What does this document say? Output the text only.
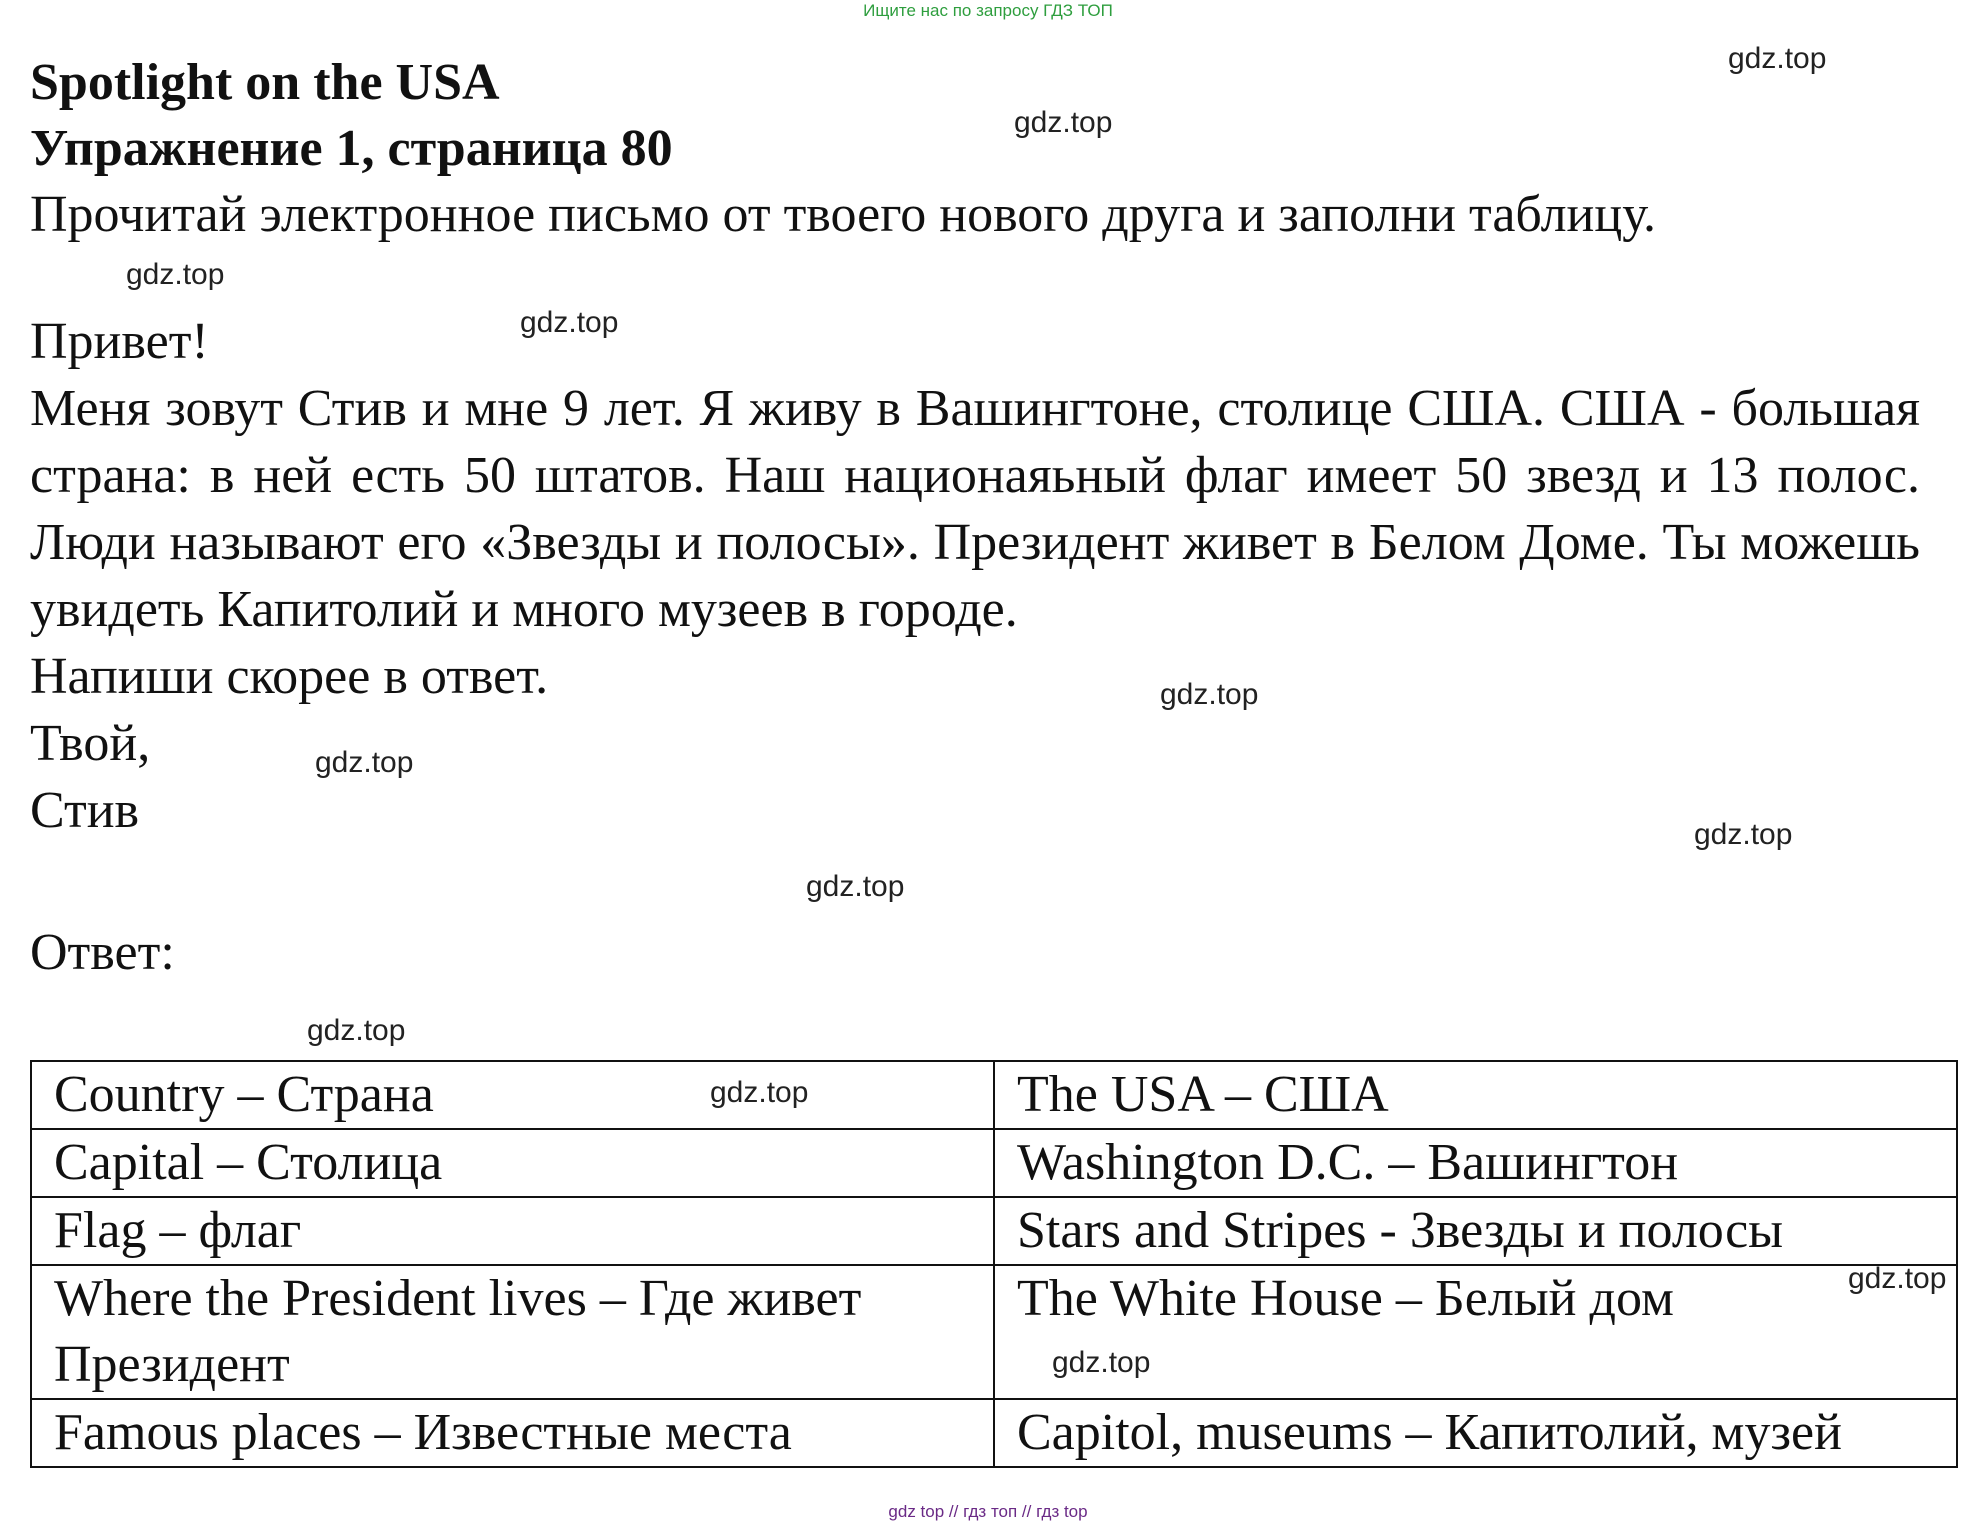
Ищите нас по запросу ГДЗ ТОП

Spotlight on the USA

Упражнение 1, страница 80

Прочитай электронное письмо от твоего нового друга и заполни таблицу.

Привет!

Меня зовут Стив и мне 9 лет. Я живу в Вашингтоне, столице США. США - большая страна: в ней есть 50 штатов. Наш национаяьный флаг имеет 50 звезд и 13 полос. Люди называют его «Звезды и полосы». Президент живет в Белом Доме. Ты можешь увидеть Капитолий и много музеев в городе.

Напиши скорее в ответ.

Твой,

Стив

Ответ:

Country – Страна	The USA – США
Capital – Столица	Washington D.C. – Вашингтон
Flag – флаг	Stars and Stripes - Звезды и полосы
Where the President lives – Где живет Президент	The White House – Белый дом
Famous places – Известные места	Capitol, museums – Капитолий, музей
gdz.top
gdz.top
gdz.top
gdz.top
gdz.top
gdz.top
gdz.top
gdz.top
gdz.top
gdz.top
gdz.top
gdz.top
gdz top // гдз топ // гдз top
